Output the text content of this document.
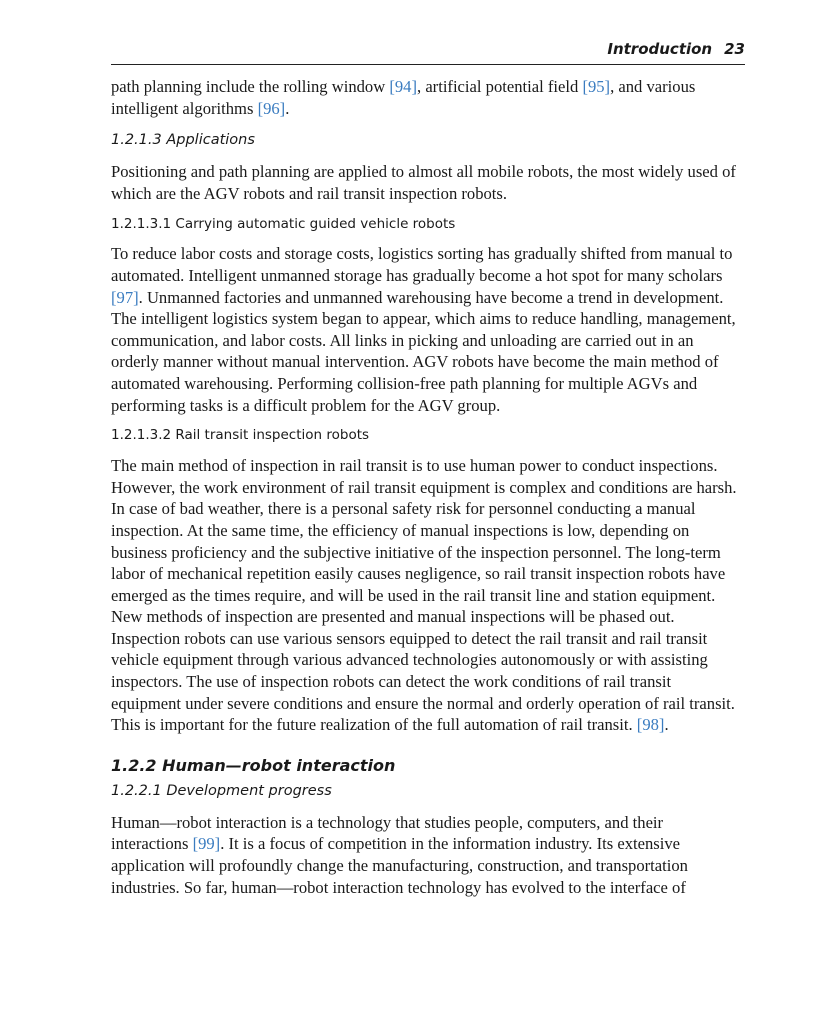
Introduction 23

path planning include the rolling window [94], artificial potential field [95], and various intelligent algorithms [96].

1.2.1.3 Applications

Positioning and path planning are applied to almost all mobile robots, the most widely used of which are the AGV robots and rail transit inspection robots.

1.2.1.3.1 Carrying automatic guided vehicle robots

To reduce labor costs and storage costs, logistics sorting has gradually shifted from manual to automated. Intelligent unmanned storage has gradually become a hot spot for many scholars [97]. Unmanned factories and unmanned warehousing have become a trend in development. The intelligent logistics system began to appear, which aims to reduce handling, management, communication, and labor costs. All links in picking and unloading are carried out in an orderly manner without manual intervention. AGV robots have become the main method of automated warehousing. Performing collision-free path planning for multiple AGVs and performing tasks is a difficult problem for the AGV group.

1.2.1.3.2 Rail transit inspection robots

The main method of inspection in rail transit is to use human power to conduct inspections. However, the work environment of rail transit equipment is complex and conditions are harsh. In case of bad weather, there is a personal safety risk for personnel conducting a manual inspection. At the same time, the efficiency of manual inspections is low, depending on business proficiency and the subjective initiative of the inspection personnel. The long-term labor of mechanical repetition easily causes negligence, so rail transit inspection robots have emerged as the times require, and will be used in the rail transit line and station equipment. New methods of inspection are presented and manual inspections will be phased out. Inspection robots can use various sensors equipped to detect the rail transit and rail transit vehicle equipment through various advanced technologies autonomously or with assisting inspectors. The use of inspection robots can detect the work conditions of rail transit equipment under severe conditions and ensure the normal and orderly operation of rail transit. This is important for the future realization of the full automation of rail transit. [98].

1.2.2 Human—robot interaction
1.2.2.1 Development progress

Human—robot interaction is a technology that studies people, computers, and their interactions [99]. It is a focus of competition in the information industry. Its extensive application will profoundly change the manufacturing, construction, and transportation industries. So far, human—robot interaction technology has evolved to the interface of
